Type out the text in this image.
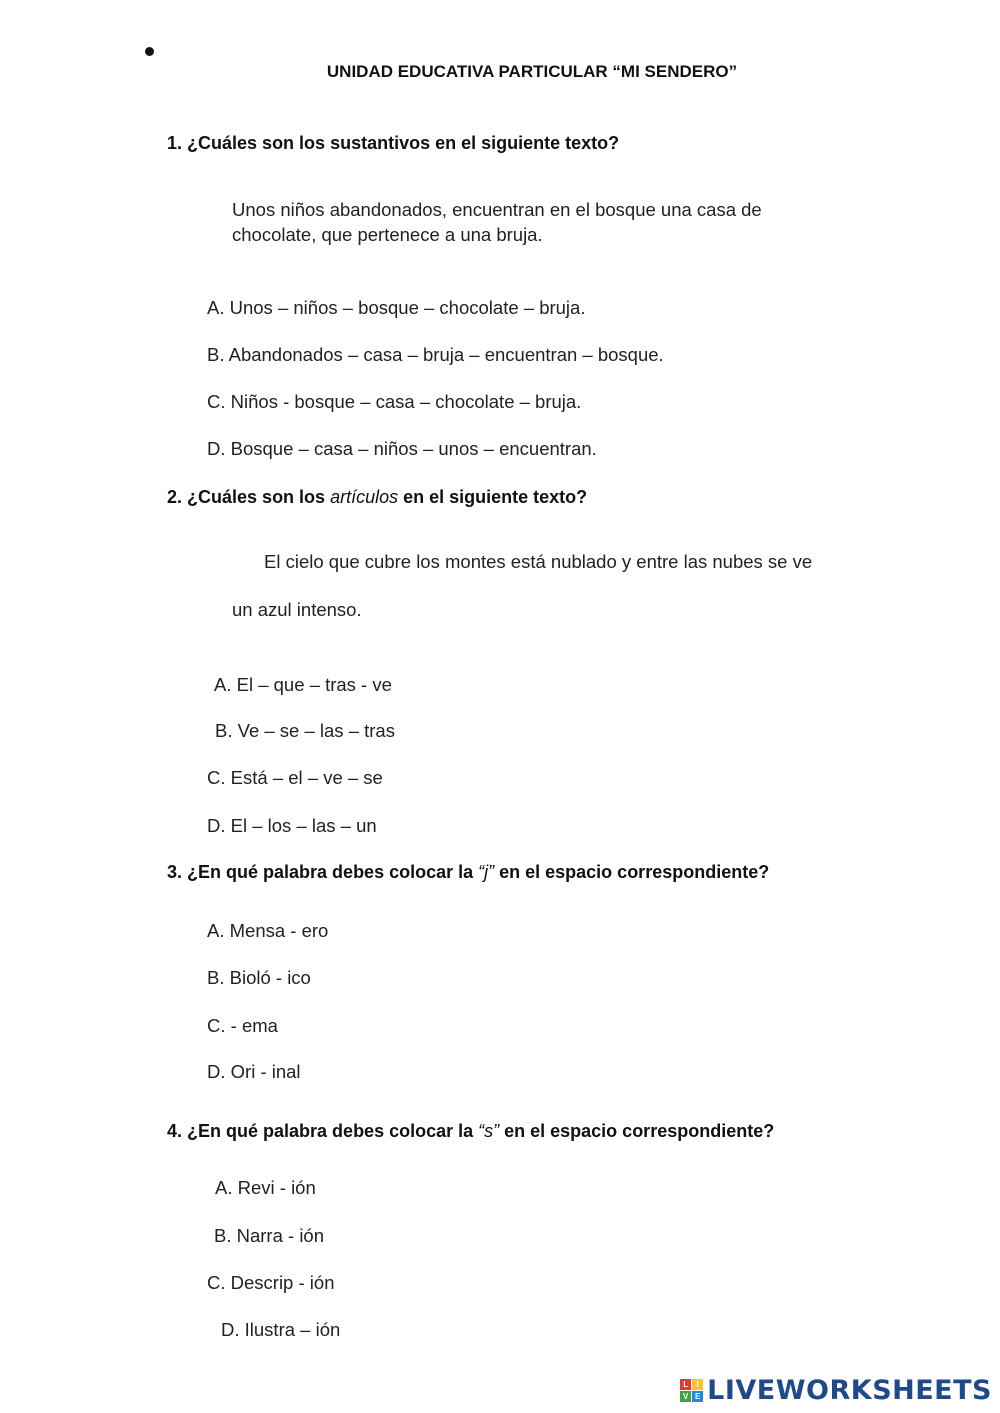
UNIDAD EDUCATIVA PARTICULAR “MI SENDERO”
1. ¿Cuáles son los sustantivos en el siguiente texto?
Unos niños abandonados, encuentran en el bosque una casa de
chocolate, que pertenece a una bruja.
A. Unos – niños – bosque – chocolate – bruja.
B. Abandonados – casa – bruja – encuentran – bosque.
C. Niños - bosque – casa – chocolate – bruja.
D. Bosque – casa – niños – unos – encuentran.
2. ¿Cuáles son los artículos en el siguiente texto?
El cielo que cubre los montes está nublado y entre las nubes se ve
un azul intenso.
A. El – que – tras - ve
B. Ve – se – las – tras
C. Está – el – ve – se
D. El – los – las – un
3. ¿En qué palabra debes colocar la “j” en el espacio correspondiente?
A. Mensa - ero
B. Bioló - ico
C. - ema
D. Ori - inal
4. ¿En qué palabra debes colocar la “s” en el espacio correspondiente?
A. Revi - ión
B. Narra - ión
C. Descrip - ión
D. Ilustra – ión
L	I
V E LIVEWORKSHEETS
